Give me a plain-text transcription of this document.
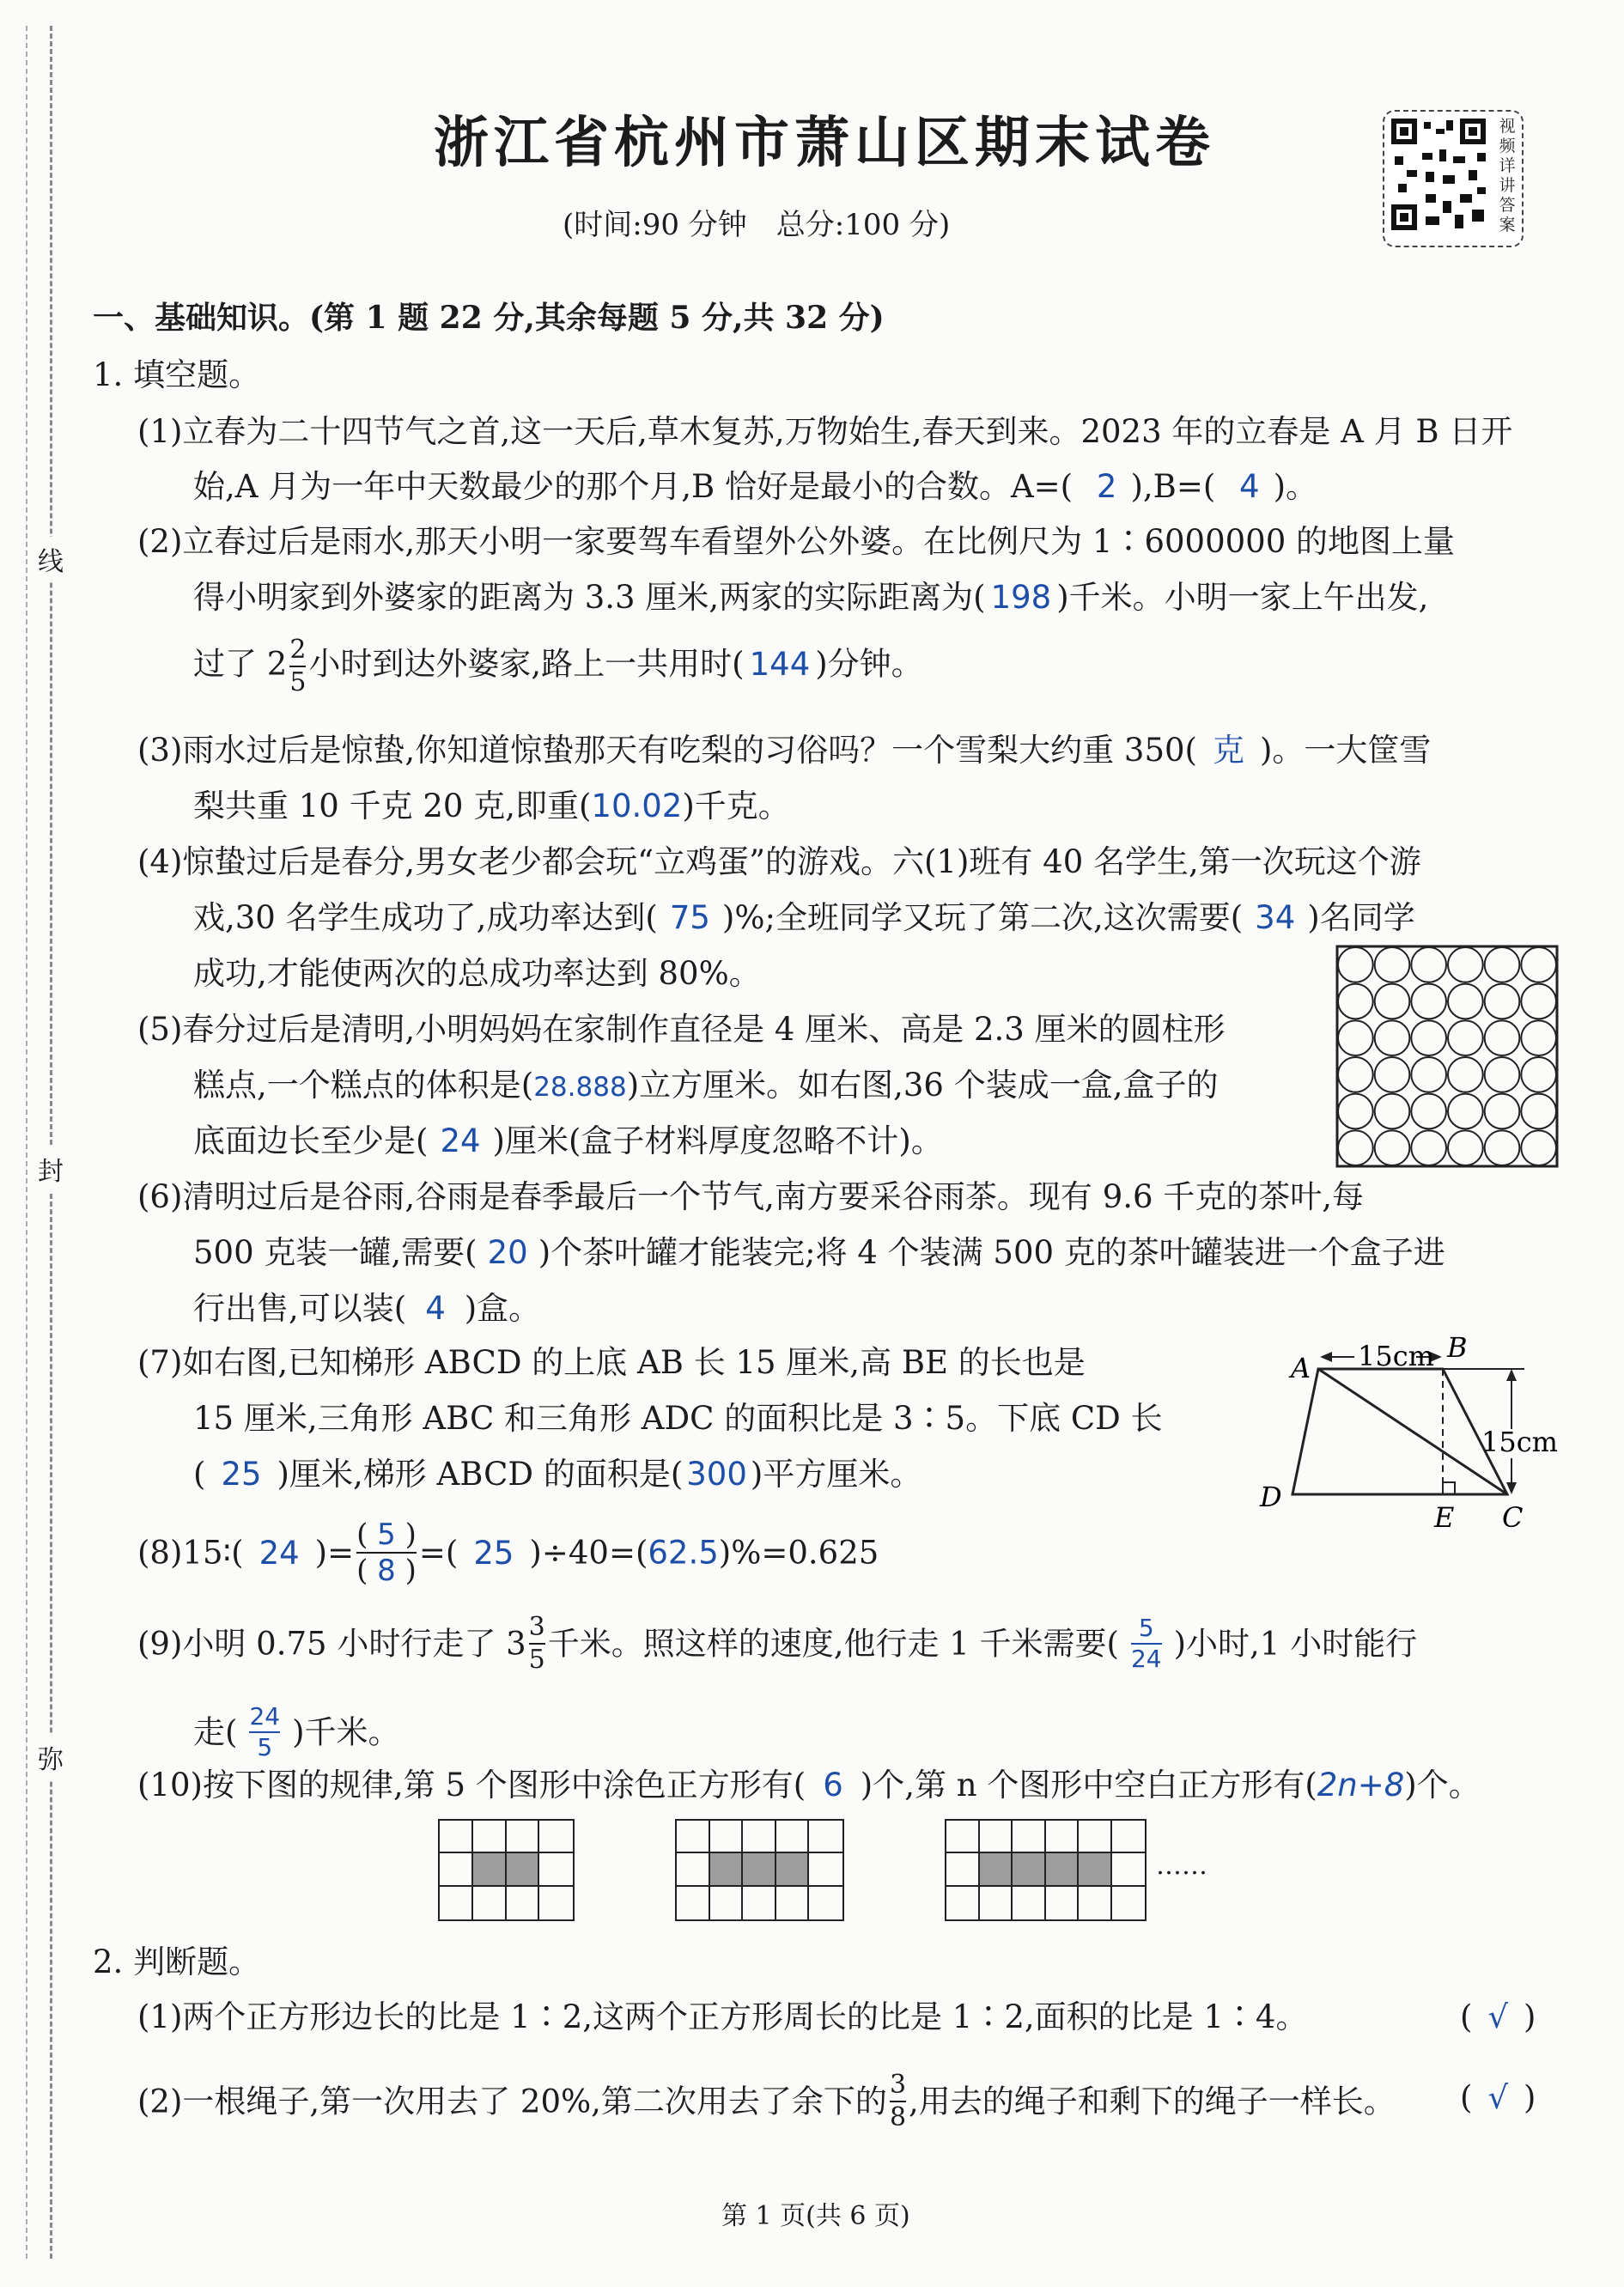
线
封
弥
浙江省杭州市萧山区期末试卷
(时间:90 分钟　总分:100 分)
视
频
详
讲
答
案
一、基础知识。(第 1 题 22 分,其余每题 5 分,共 32 分)
1. 填空题。
(1)立春为二十四节气之首,这一天后,草木复苏,万物始生,春天到来。2023 年的立春是 A 月 B 日开
始,A 月为一年中天数最少的那个月,B 恰好是最小的合数。A=( 2 ),B=( 4 )。
(2)立春过后是雨水,那天小明一家要驾车看望外公外婆。在比例尺为 1∶6000000 的地图上量
得小明家到外婆家的距离为 3.3 厘米,两家的实际距离为( 198 )千米。小明一家上午出发,
过了 $2 \frac{2}{5}$ 小时到达外婆家,路上一共用时( 144 )分钟。
(3)雨水过后是惊蛰,你知道惊蛰那天有吃梨的习俗吗？一个雪梨大约重 350( 克 )。一大筐雪
梨共重 10 千克 20 克,即重(10.02)千克。
(4)惊蛰过后是春分,男女老少都会玩“立鸡蛋”的游戏。六(1)班有 40 名学生,第一次玩这个游
戏,30 名学生成功了,成功率达到( 75 )%;全班同学又玩了第二次,这次需要( 34 )名同学
成功,才能使两次的总成功率达到 80%。
(5)春分过后是清明,小明妈妈在家制作直径是 4 厘米、高是 2.3 厘米的圆柱形
糕点,一个糕点的体积是(28.888)立方厘米。如右图,36 个装成一盒,盒子的
底面边长至少是( 24 )厘米(盒子材料厚度忽略不计)。
(6)清明过后是谷雨,谷雨是春季最后一个节气,南方要采谷雨茶。现有 9.6 千克的茶叶,每
500 克装一罐,需要( 20 )个茶叶罐才能装完;将 4 个装满 500 克的茶叶罐装进一个盒子进
行出售,可以装( 4 )盒。
(7)如右图,已知梯形 ABCD 的上底 AB 长 15 厘米,高 BE 的长也是
15 厘米,三角形 ABC 和三角形 ADC 的面积比是 3∶5。下底 CD 长
( 25 )厘米,梯形 ABCD 的面积是( 300 )平方厘米。
15cm
15cm
A
B
C
D
E
(8)15∶( 24 )= $\frac{( 5 )}{( 8 )}$ =( 25 )÷40=(62.5)%=0.625
(9)小明 0.75 小时行走了 $3 \frac{3}{5}$ 千米。照这样的速度,他行走 1 千米需要( $\frac{5}{24}$ )小时,1 小时能行
走( $\frac{24}{5}$ )千米。
(10)按下图的规律,第 5 个图形中涂色正方形有( 6 )个,第 n 个图形中空白正方形有(2n+8)个。
……
2. 判断题。
(1)两个正方形边长的比是 1∶2,这两个正方形周长的比是 1∶2,面积的比是 1∶4。	( √ )
(2)一根绳子,第一次用去了 20%,第二次用去了余下的 $\frac{3}{8}$ ,用去的绳子和剩下的绳子一样长。 ( √ )
第 1 页(共 6 页)
